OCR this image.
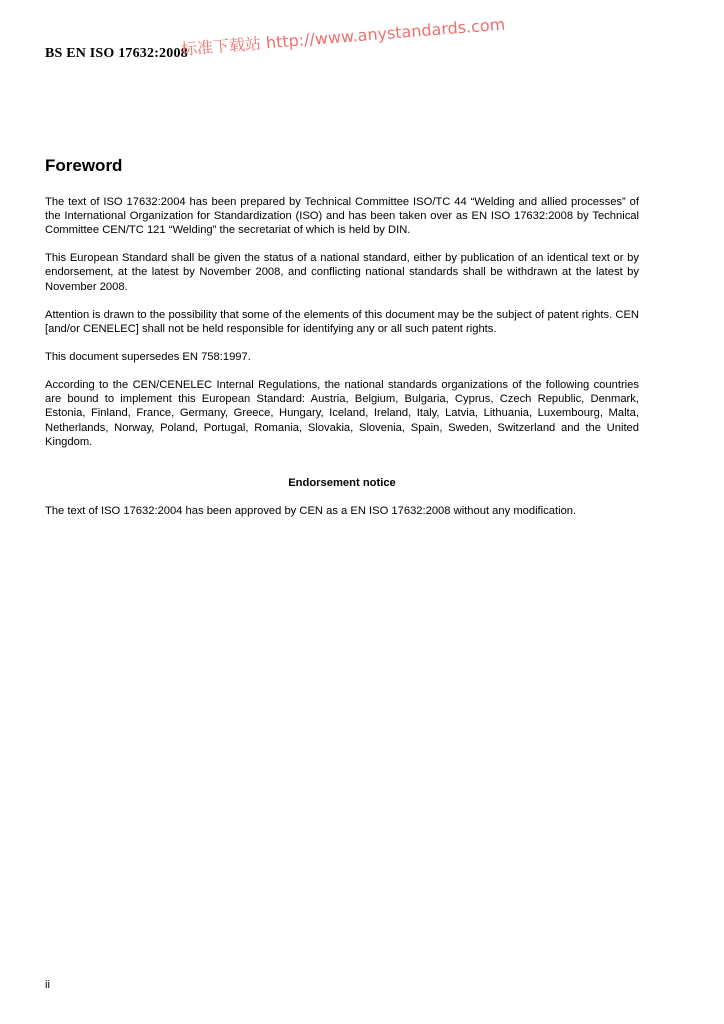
BS EN ISO 17632:2008
标准下载站 http://www.anystandards.com
Foreword

The text of ISO 17632:2004 has been prepared by Technical Committee ISO/TC 44 “Welding and allied processes” of the International Organization for Standardization (ISO) and has been taken over as EN ISO 17632:2008 by Technical Committee CEN/TC 121 “Welding” the secretariat of which is held by DIN.

This European Standard shall be given the status of a national standard, either by publication of an identical text or by endorsement, at the latest by November 2008, and conflicting national standards shall be withdrawn at the latest by November 2008.

Attention is drawn to the possibility that some of the elements of this document may be the subject of patent rights. CEN [and/or CENELEC] shall not be held responsible for identifying any or all such patent rights.

This document supersedes EN 758:1997.

According to the CEN/CENELEC Internal Regulations, the national standards organizations of the following countries are bound to implement this European Standard: Austria, Belgium, Bulgaria, Cyprus, Czech Republic, Denmark, Estonia, Finland, France, Germany, Greece, Hungary, Iceland, Ireland, Italy, Latvia, Lithuania, Luxembourg, Malta, Netherlands, Norway, Poland, Portugal, Romania, Slovakia, Slovenia, Spain, Sweden, Switzerland and the United Kingdom.

Endorsement notice

The text of ISO 17632:2004 has been approved by CEN as a EN ISO 17632:2008 without any modification.

ii
